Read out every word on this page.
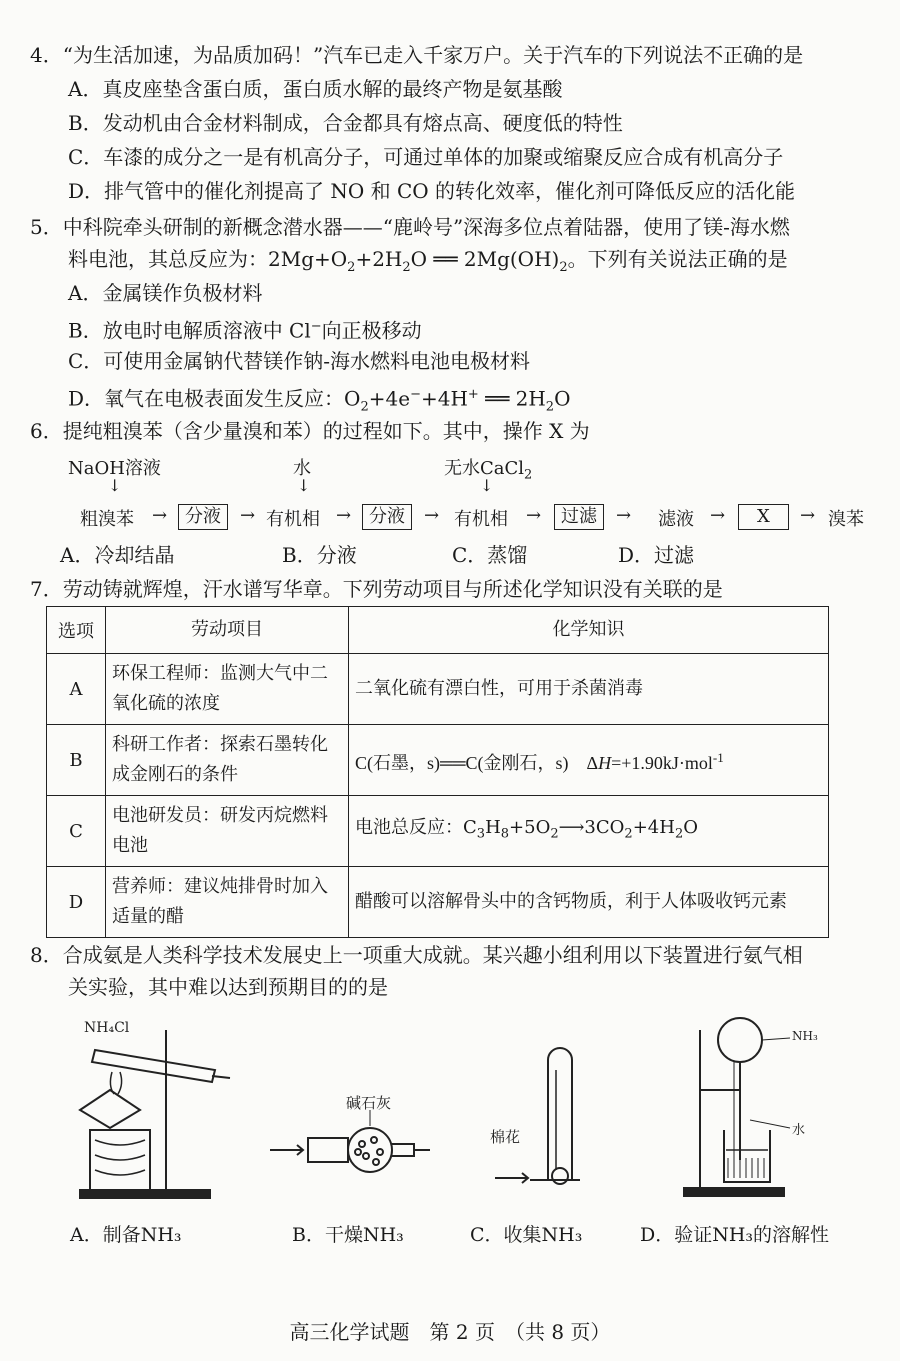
4．“为生活加速，为品质加码！”汽车已走入千家万户。关于汽车的下列说法不正确的是
A．真皮座垫含蛋白质，蛋白质水解的最终产物是氨基酸
B．发动机由合金材料制成，合金都具有熔点高、硬度低的特性
C．车漆的成分之一是有机高分子，可通过单体的加聚或缩聚反应合成有机高分子
D．排气管中的催化剂提高了 NO 和 CO 的转化效率，催化剂可降低反应的活化能
5．中科院牵头研制的新概念潜水器——“鹿岭号”深海多位点着陆器，使用了镁-海水燃
料电池，其总反应为：$2Mg+O_2+2H_2O$ ══ $2Mg(OH)_2$。下列有关说法正确的是
A．金属镁作负极材料
B．放电时电解质溶液中 Cl−向正极移动
C．可使用金属钠代替镁作钠-海水燃料电池电极材料
D．氧气在电极表面发生反应：$O_2+4e^-+4H^+$ ══ $2H_2O$
6．提纯粗溴苯（含少量溴和苯）的过程如下。其中，操作 X 为
NaOH溶液
↓
水
↓
无水CaCl$_2$
↓
粗溴苯 → 分液	→ 有机相 → 分液	→ 有机相 →	过滤	→ 滤液 →	X	→ 溴苯
A．冷却结晶	B．分液	C．蒸馏	D．过滤
7．劳动铸就辉煌，汗水谱写华章。下列劳动项目与所述化学知识没有关联的是
选项	劳动项目	化学知识
A	环保工程师：监测大气中二氧化硫的浓度	二氧化硫有漂白性，可用于杀菌消毒
B	科研工作者：探索石墨转化成金刚石的条件	C(石墨，s)══C(金刚石，s)　ΔH=+1.90kJ·mol$^{-1}$
C	电池研发员：研发丙烷燃料电池	电池总反应：$C_3H_8+5O_2⟶3CO_2+4H_2O$
D	营养师：建议炖排骨时加入适量的醋	醋酸可以溶解骨头中的含钙物质，利于人体吸收钙元素
8．合成氨是人类科学技术发展史上一项重大成就。某兴趣小组利用以下装置进行氨气相
关实验，其中难以达到预期目的的是
NH₄Cl
碱石灰
棉花
NH₃
水
A．制备NH₃	B．干燥NH₃	C．收集NH₃	D．验证NH₃的溶解性
高三化学试题　第 2 页　（共 8 页）
